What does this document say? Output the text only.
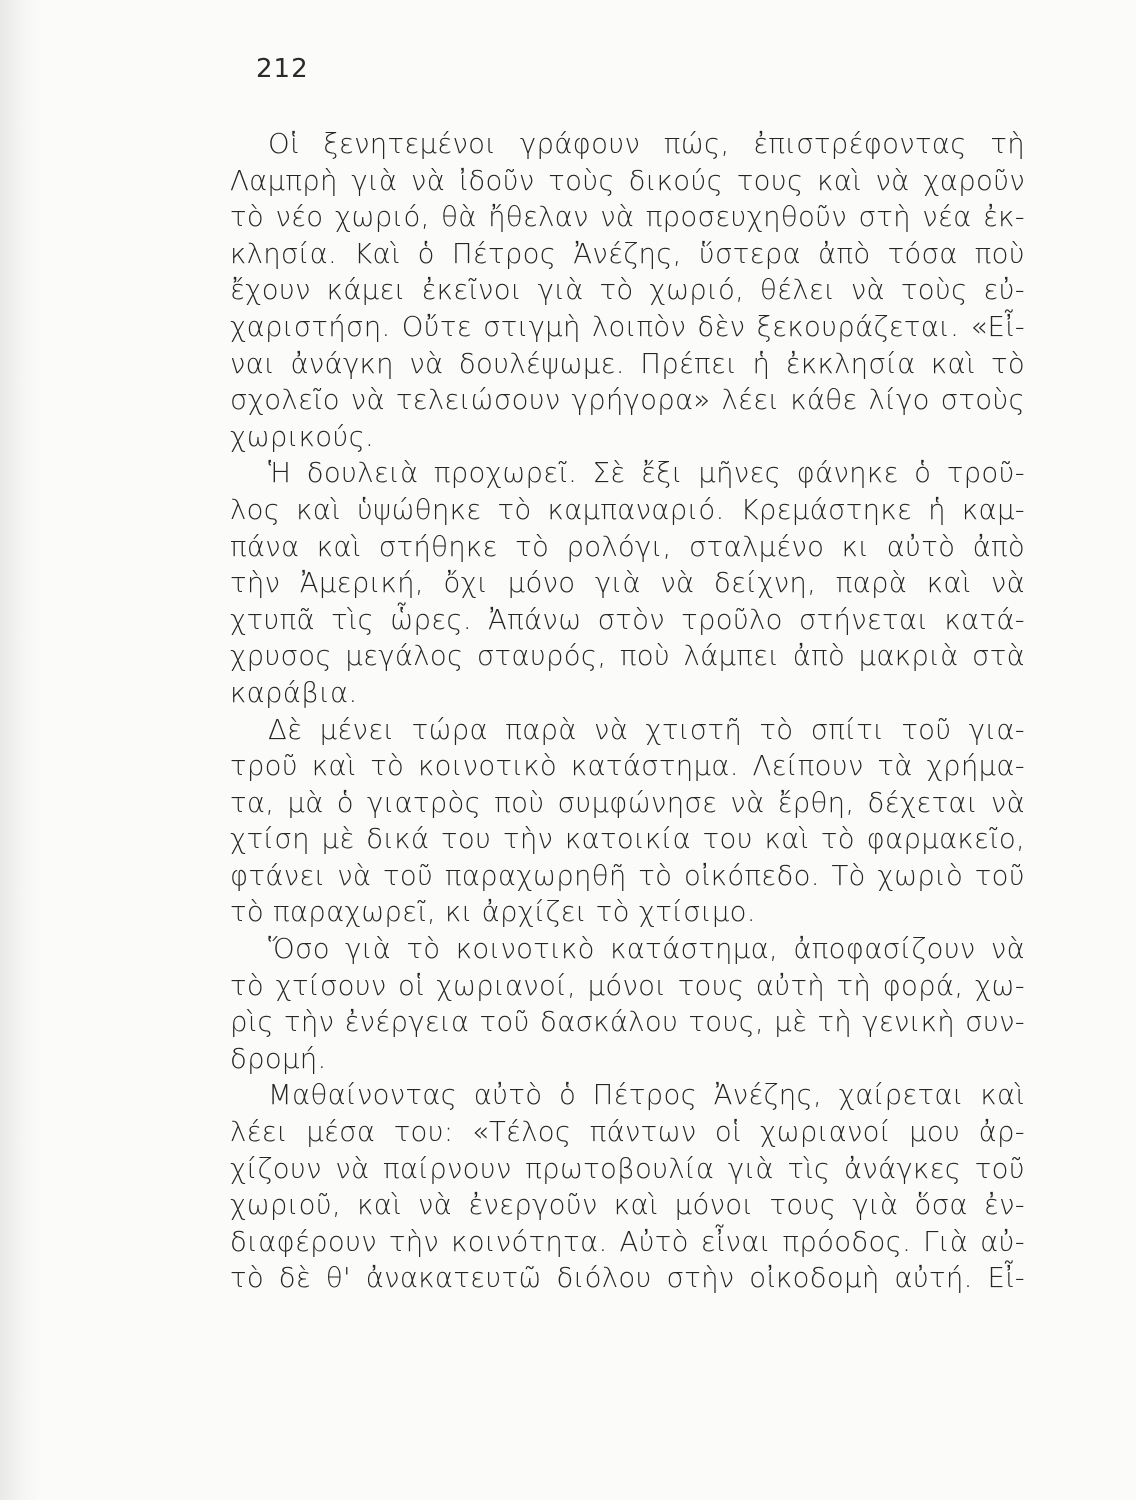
212
Οἱ ξενητεμένοι γράφουν πώς, ἐπιστρέφοντας τὴ
Λαμπρὴ γιὰ νὰ ἰδοῦν τοὺς δικούς τους καὶ νὰ χαροῦν
τὸ νέο χωριό, θὰ ἤθελαν νὰ προσευχηθοῦν στὴ νέα ἐκ-
κλησία. Καὶ ὁ Πέτρος Ἀνέζης, ὕστερα ἀπὸ τόσα ποὺ
ἔχουν κάμει ἐκεῖνοι γιὰ τὸ χωριό, θέλει νὰ τοὺς εὐ-
χαριστήση. Οὔτε στιγμὴ λοιπὸν δὲν ξεκουράζεται. «Εἶ-
ναι ἀνάγκη νὰ δουλέψωμε. Πρέπει ἡ ἐκκλησία καὶ τὸ
σχολεῖο νὰ τελειώσουν γρήγορα» λέει κάθε λίγο στοὺς
χωρικούς.
Ἡ δουλειὰ προχωρεῖ. Σὲ ἔξι μῆνες φάνηκε ὁ τροῦ-
λος καὶ ὑψώθηκε τὸ καμπαναριό. Κρεμάστηκε ἡ καμ-
πάνα καὶ στήθηκε τὸ ρολόγι, σταλμένο κι αὐτὸ ἀπὸ
τὴν Ἀμερική, ὄχι μόνο γιὰ νὰ δείχνη, παρὰ καὶ νὰ
χτυπᾶ τὶς ὧρες. Ἀπάνω στὸν τροῦλο στήνεται κατά-
χρυσος μεγάλος σταυρός, ποὺ λάμπει ἀπὸ μακριὰ στὰ
καράβια.
Δὲ μένει τώρα παρὰ νὰ χτιστῆ τὸ σπίτι τοῦ για-
τροῦ καὶ τὸ κοινοτικὸ κατάστημα. Λείπουν τὰ χρήμα-
τα, μὰ ὁ γιατρὸς ποὺ συμφώνησε νὰ ἔρθη, δέχεται νὰ
χτίση μὲ δικά του τὴν κατοικία του καὶ τὸ φαρμακεῖο,
φτάνει νὰ τοῦ παραχωρηθῆ τὸ οἰκόπεδο. Τὸ χωριὸ τοῦ
τὸ παραχωρεῖ, κι ἀρχίζει τὸ χτίσιμο.
Ὅσο γιὰ τὸ κοινοτικὸ κατάστημα, ἀποφασίζουν νὰ
τὸ χτίσουν οἱ χωριανοί, μόνοι τους αὐτὴ τὴ φορά, χω-
ρὶς τὴν ἐνέργεια τοῦ δασκάλου τους, μὲ τὴ γενικὴ συν-
δρομή.
Μαθαίνοντας αὐτὸ ὁ Πέτρος Ἀνέζης, χαίρεται καὶ
λέει μέσα του: «Τέλος πάντων οἱ χωριανοί μου ἀρ-
χίζουν νὰ παίρνουν πρωτοβουλία γιὰ τὶς ἀνάγκες τοῦ
χωριοῦ, καὶ νὰ ἐνεργοῦν καὶ μόνοι τους γιὰ ὅσα ἐν-
διαφέρουν τὴν κοινότητα. Αὐτὸ εἶναι πρόοδος. Γιὰ αὐ-
τὸ δὲ θ' ἀνακατευτῶ διόλου στὴν οἰκοδομὴ αὐτή. Εἶ-
